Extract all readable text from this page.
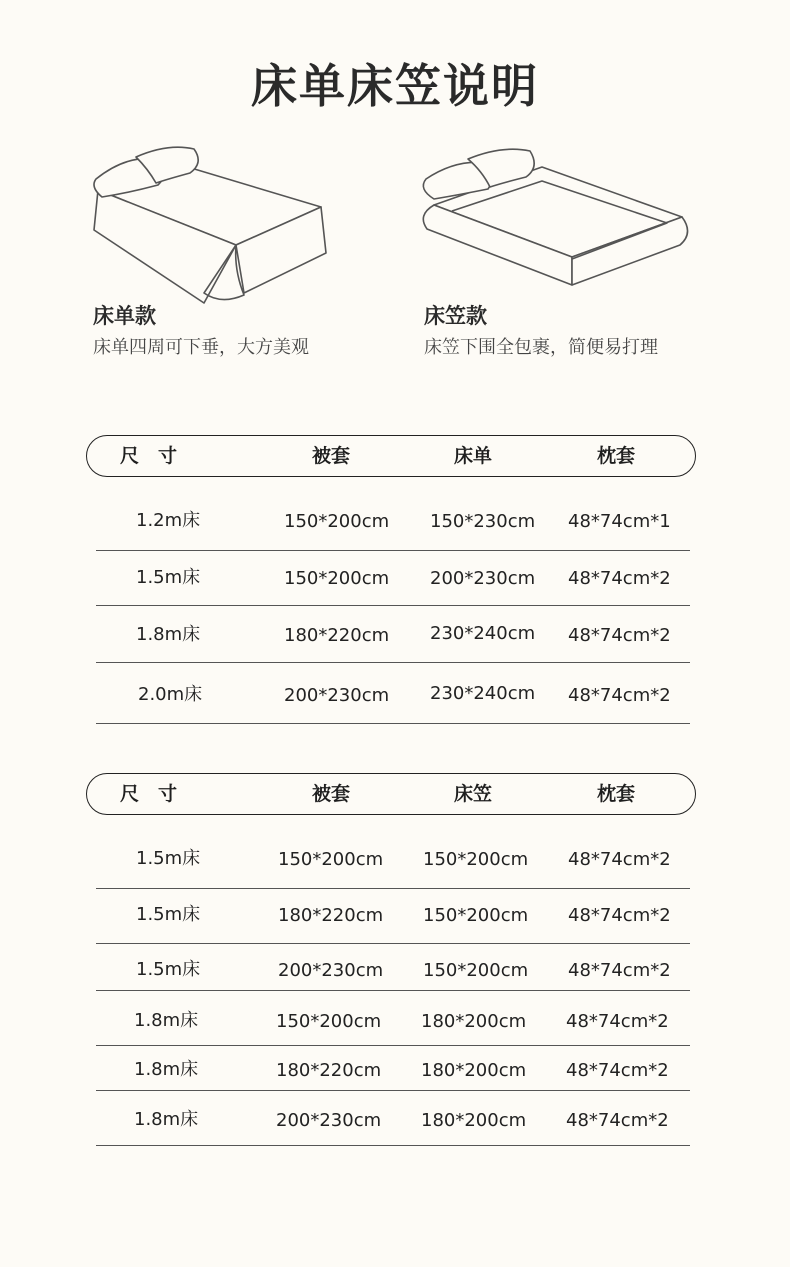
床单床笠说明
床单款
床单四周可下垂，大方美观
床笠款
床笠下围全包裹，简便易打理
尺　寸	被套	床单	枕套
1.2m床	150*200cm 150*230cm 48*74cm*1
1.5m床	150*200cm 200*230cm 48*74cm*2
1.8m床	180*220cm 230*240cm 48*74cm*2
2.0m床	200*230cm 230*240cm 48*74cm*2
尺　寸	被套	床笠	枕套
1.5m床	150*200cm 150*200cm 48*74cm*2
1.5m床	180*220cm 150*200cm 48*74cm*2
1.5m床	200*230cm 150*200cm 48*74cm*2
1.8m床	150*200cm 180*200cm 48*74cm*2
1.8m床	180*220cm 180*200cm 48*74cm*2
1.8m床	200*230cm 180*200cm 48*74cm*2
